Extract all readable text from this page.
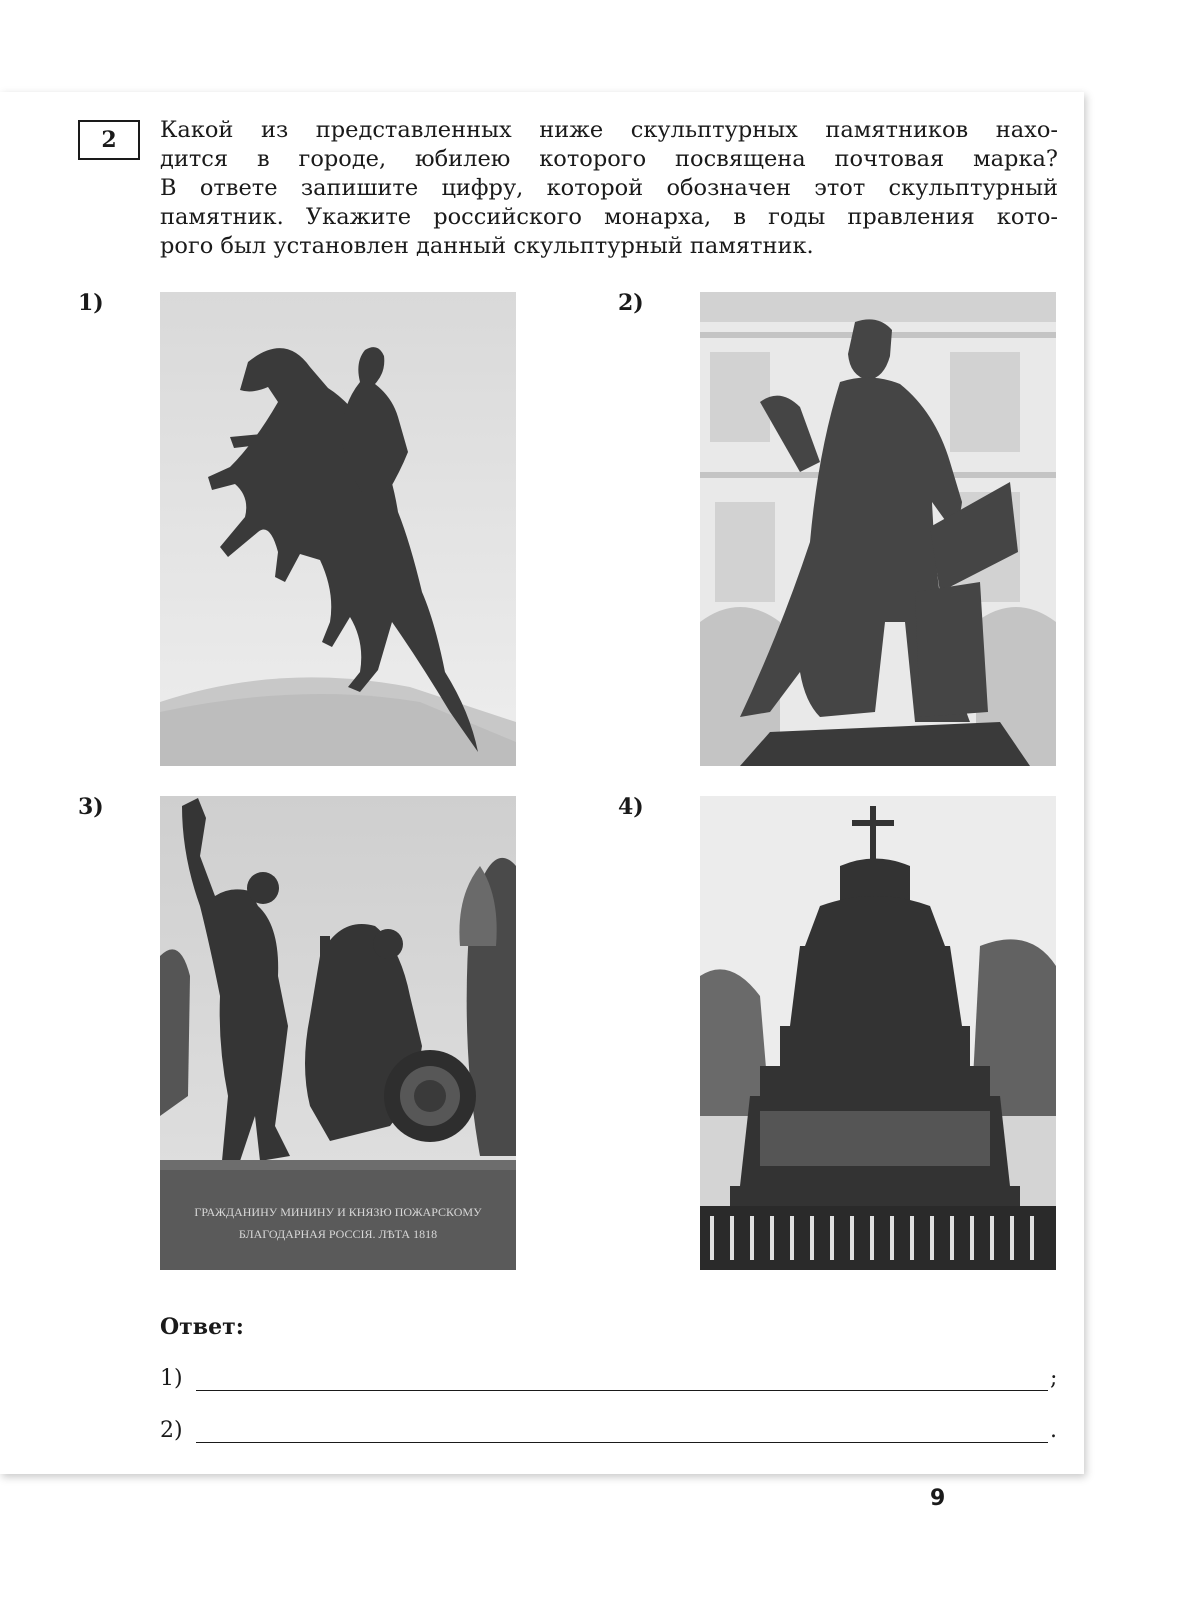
2 Какой из представленных ниже скульптурных памятников нахо-
дится в городе, юбилею которого посвящена почтовая марка?
В ответе запишите цифру, которой обозначен этот скульптурный
памятник. Укажите российского монарха, в годы правления кото-
рого был установлен данный скульптурный памятник.

1)	2)
3)
ГРАЖДАНИНУ МИНИНУ И КНЯЗЮ ПОЖАРСКОМУ
БЛАГОДАРНАЯ РОССІЯ. ЛѢТА 1818
4)
Ответ:
1)	;
2)	.
9
